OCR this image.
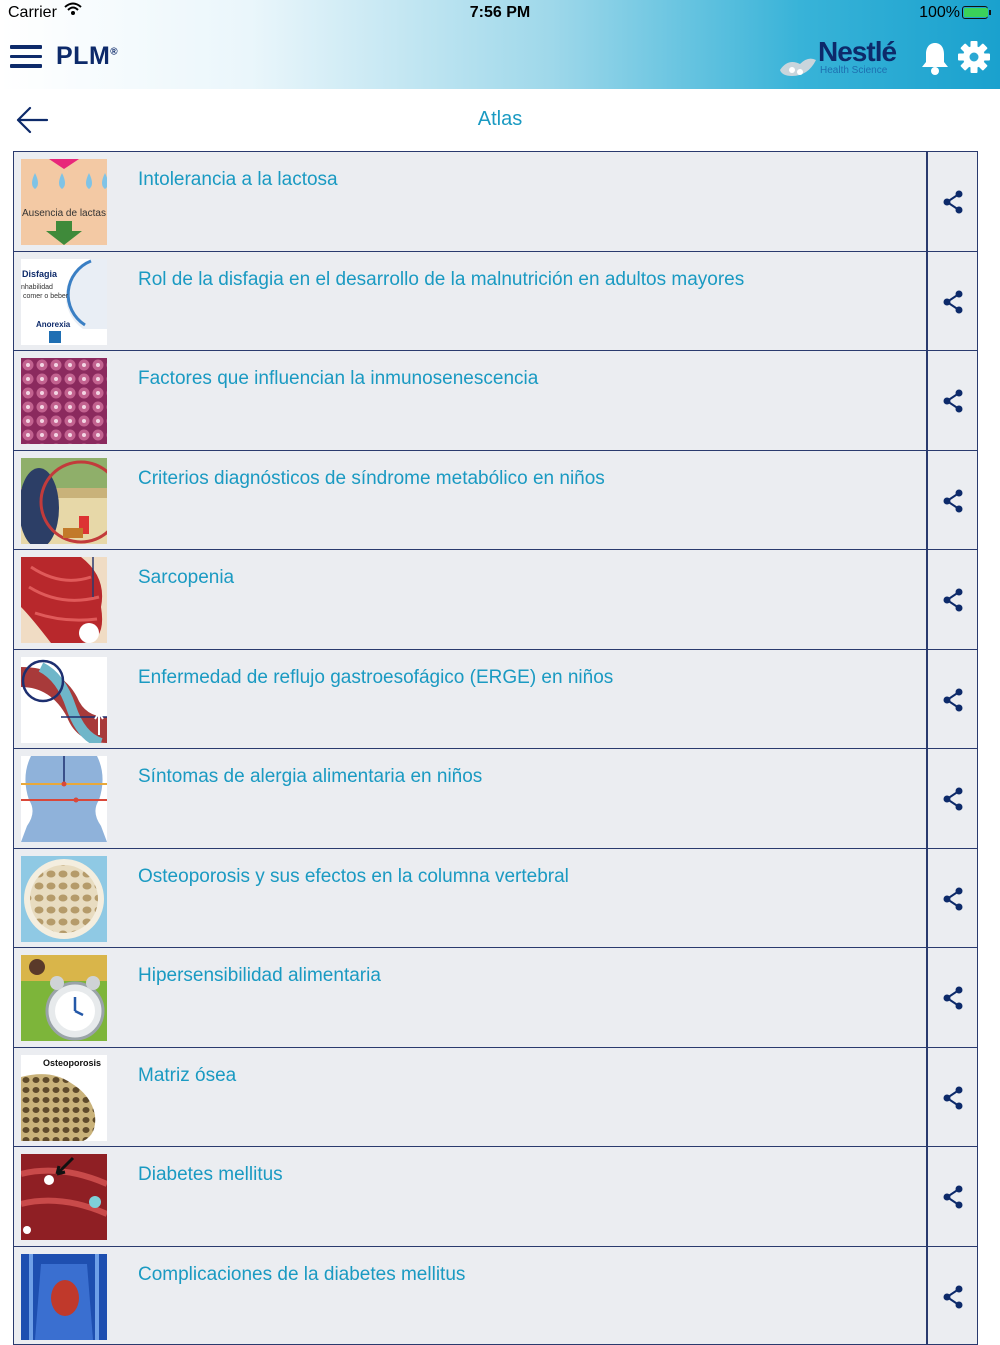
Carrier	7:56 PM	100%
PLM®	Nestlé
Health Science
Atlas
Ausencia de lactas
Intolerancia a la lactosa
Disfagia
nhabilidad
comer o beber
Anorexia
Rol de la disfagia en el desarrollo de la malnutrición en adultos mayores
Factores que influencian la inmunosenescencia
Criterios diagnósticos de síndrome metabólico en niños
Sarcopenia
Enfermedad de reflujo gastroesofágico (ERGE) en niños
Síntomas de alergia alimentaria en niños
Osteoporosis y sus efectos en la columna vertebral
Hipersensibilidad alimentaria
Osteoporosis
Matriz ósea
Diabetes mellitus
Complicaciones de la diabetes mellitus
